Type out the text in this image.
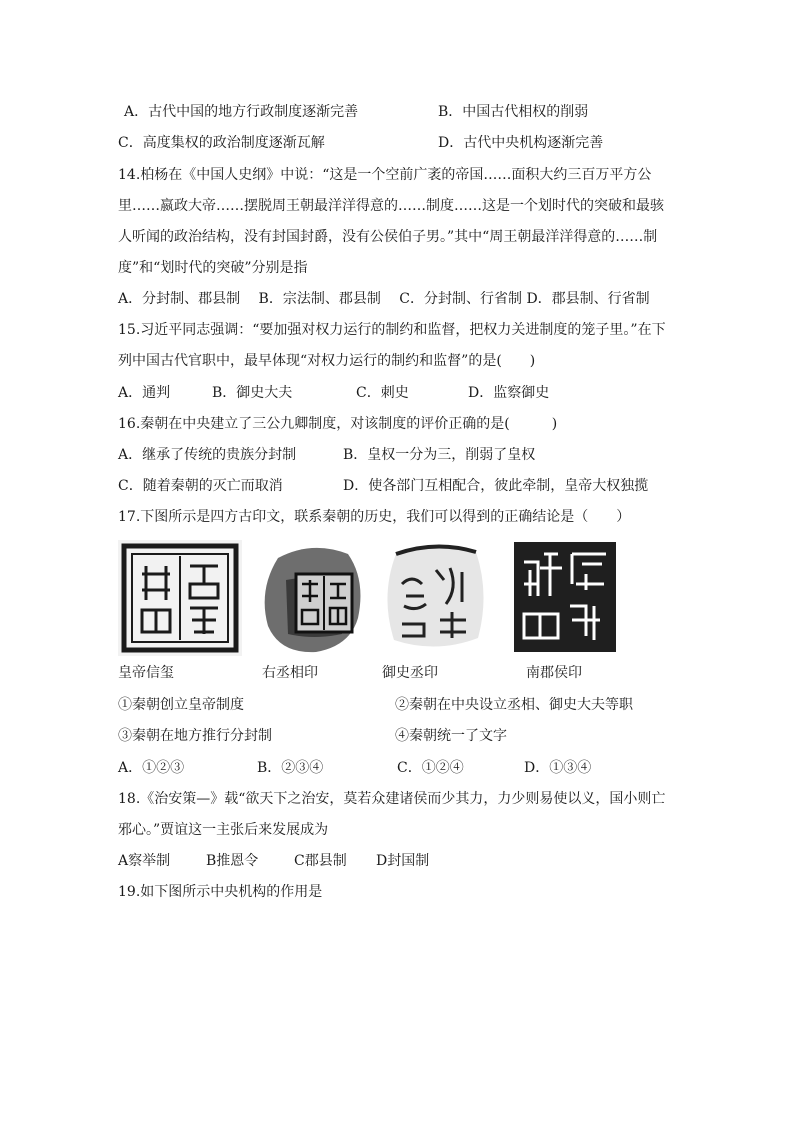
A．古代中国的地方行政制度逐渐完善	B．中国古代相权的削弱
C．高度集权的政治制度逐渐瓦解	D．古代中央机构逐渐完善
14.柏杨在《中国人史纲》中说：“这是一个空前广袤的帝国……面积大约三百万平方公
里……嬴政大帝……摆脱周王朝最洋洋得意的……制度……这是一个划时代的突破和最骇
人听闻的政治结构，没有封国封爵，没有公侯伯子男。”其中“周王朝最洋洋得意的……制
度”和“划时代的突破”分别是指
A．分封制、郡县制　 B．宗法制、郡县制　 C．分封制、行省制 D．郡县制、行省制
15.习近平同志强调：“要加强对权力运行的制约和监督，把权力关进制度的笼子里。”在下
列中国古代官职中，最早体现“对权力运行的制约和监督”的是(　　)
A．通判	B．御史大夫	C．刺史	D．监察御史
16.秦朝在中央建立了三公九卿制度，对该制度的评价正确的是(　　　)
A．继承了传统的贵族分封制	B．皇权一分为三，削弱了皇权
C．随着秦朝的灭亡而取消	D．使各部门互相配合，彼此牵制，皇帝大权独揽
17.下图所示是四方古印文，联系秦朝的历史，我们可以得到的正确结论是（　　）
皇帝信玺	右丞相印	御史丞印	南郡侯印
①秦朝创立皇帝制度	②秦朝在中央设立丞相、御史大夫等职
③秦朝在地方推行分封制	④秦朝统一了文字
A．①②③	B．②③④	C．①②④	D．①③④
18.《治安策—》载“欲天下之治安，莫若众建诸侯而少其力，力少则易使以义，国小则亡
邪心。”贾谊这一主张后来发展成为
A察举制	B推恩令	C郡县制 D封国制
19.如下图所示中央机构的作用是
